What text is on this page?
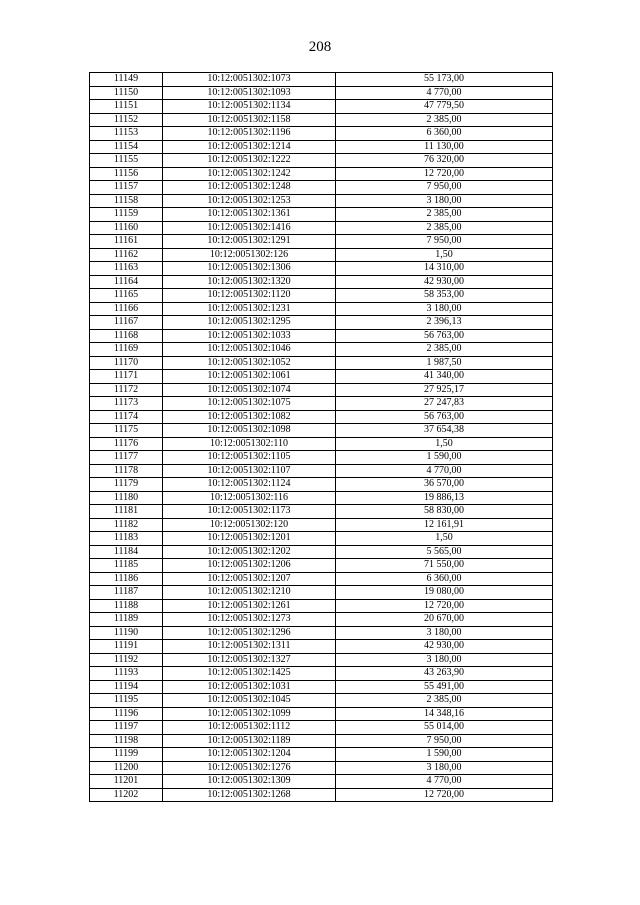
208
11149	10:12:0051302:1073	55 173,00
11150	10:12:0051302:1093	4 770,00
11151	10:12:0051302:1134	47 779,50
11152	10:12:0051302:1158	2 385,00
11153	10:12:0051302:1196	6 360,00
11154	10:12:0051302:1214	11 130,00
11155	10:12:0051302:1222	76 320,00
11156	10:12:0051302:1242	12 720,00
11157	10:12:0051302:1248	7 950,00
11158	10:12:0051302:1253	3 180,00
11159	10:12:0051302:1361	2 385,00
11160	10:12:0051302:1416	2 385,00
11161	10:12:0051302:1291	7 950,00
11162	10:12:0051302:126	1,50
11163	10:12:0051302:1306	14 310,00
11164	10:12:0051302:1320	42 930,00
11165	10:12:0051302:1120	58 353,00
11166	10:12:0051302:1231	3 180,00
11167	10:12:0051302:1295	2 396,13
11168	10:12:0051302:1033	56 763,00
11169	10:12:0051302:1046	2 385,00
11170	10:12:0051302:1052	1 987,50
11171	10:12:0051302:1061	41 340,00
11172	10:12:0051302:1074	27 925,17
11173	10:12:0051302:1075	27 247,83
11174	10:12:0051302:1082	56 763,00
11175	10:12:0051302:1098	37 654,38
11176	10:12:0051302:110	1,50
11177	10:12:0051302:1105	1 590,00
11178	10:12:0051302:1107	4 770,00
11179	10:12:0051302:1124	36 570,00
11180	10:12:0051302:116	19 886,13
11181	10:12:0051302:1173	58 830,00
11182	10:12:0051302:120	12 161,91
11183	10:12:0051302:1201	1,50
11184	10:12:0051302:1202	5 565,00
11185	10:12:0051302:1206	71 550,00
11186	10:12:0051302:1207	6 360,00
11187	10:12:0051302:1210	19 080,00
11188	10:12:0051302:1261	12 720,00
11189	10:12:0051302:1273	20 670,00
11190	10:12:0051302:1296	3 180,00
11191	10:12:0051302:1311	42 930,00
11192	10:12:0051302:1327	3 180,00
11193	10:12:0051302:1425	43 263,90
11194	10:12:0051302:1031	55 491,00
11195	10:12:0051302:1045	2 385,00
11196	10:12:0051302:1099	14 348,16
11197	10:12:0051302:1112	55 014,00
11198	10:12:0051302:1189	7 950,00
11199	10:12:0051302:1204	1 590,00
11200	10:12:0051302:1276	3 180,00
11201	10:12:0051302:1309	4 770,00
11202	10:12:0051302:1268	12 720,00
